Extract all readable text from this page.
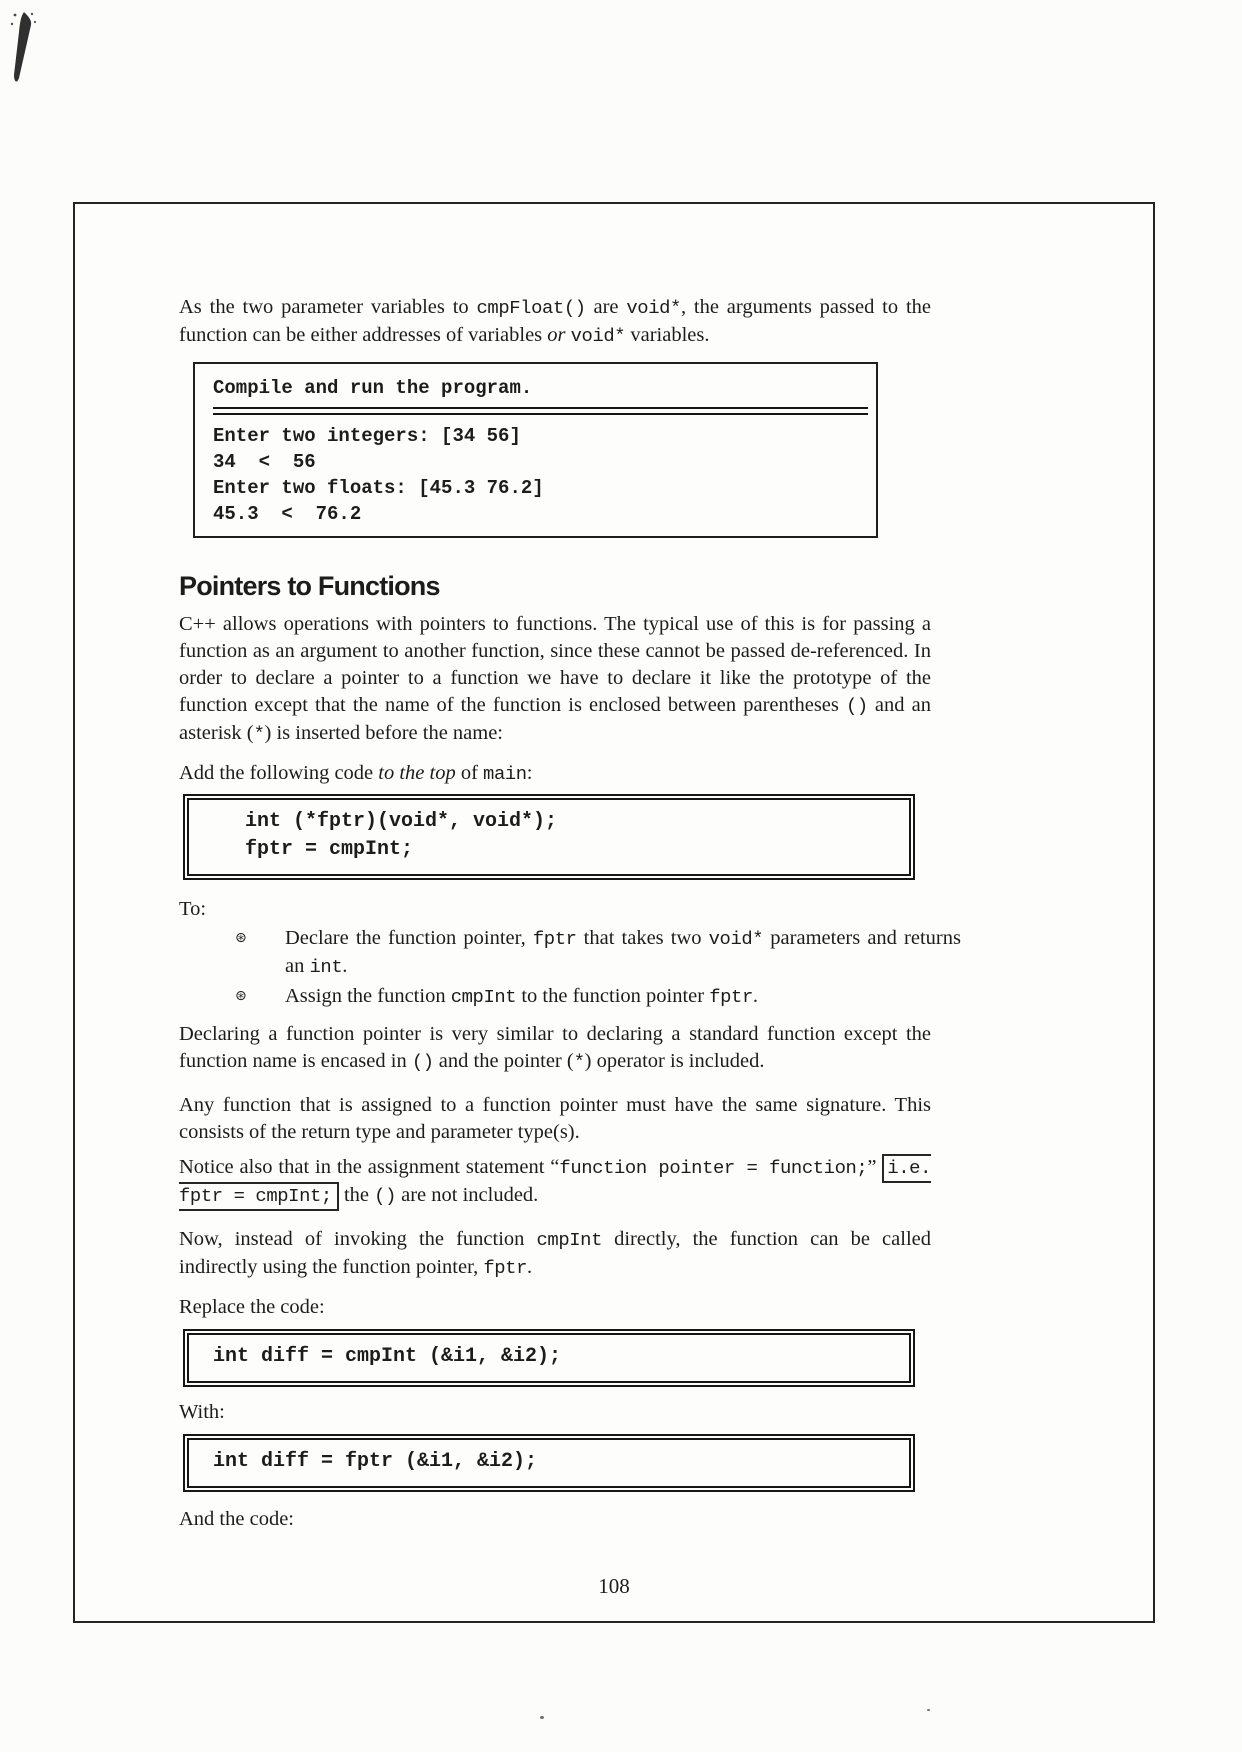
As the two parameter variables to cmpFloat() are void*, the arguments passed to the function can be either addresses of variables or void* variables.

Compile and run the program.
Enter two integers: [34 56]
34  <  56
Enter two floats: [45.3 76.2]
45.3  <  76.2
Pointers to Functions

C++ allows operations with pointers to functions. The typical use of this is for passing a function as an argument to another function, since these cannot be passed de-referenced. In order to declare a pointer to a function we have to declare it like the prototype of the function except that the name of the function is enclosed between parentheses () and an asterisk (*) is inserted before the name:

Add the following code to the top of main:

int (*fptr)(void*, void*);
fptr = cmpInt;

To:

⊛	Declare the function pointer, fptr that takes two void* parameters and returns an int.
⊛	Assign the function cmpInt to the function pointer fptr.

Declaring a function pointer is very similar to declaring a standard function except the function name is encased in () and the pointer (*) operator is included.

Any function that is assigned to a function pointer must have the same signature. This consists of the return type and parameter type(s).

Notice also that in the assignment statement “function pointer = function;” i.e. fptr = cmpInt; the () are not included.

Now, instead of invoking the function cmpInt directly, the function can be called indirectly using the function pointer, fptr.

Replace the code:

int diff = cmpInt (&i1, &i2);

With:

int diff = fptr (&i1, &i2);

And the code:

108
